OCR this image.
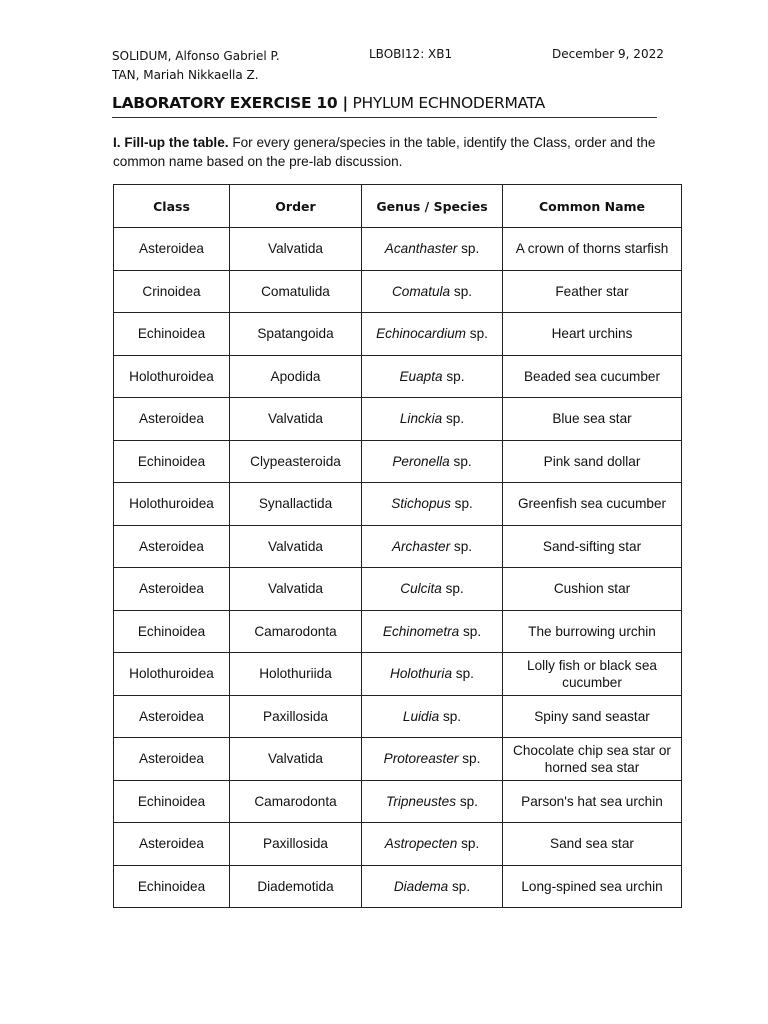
SOLIDUM, Alfonso Gabriel P.
TAN, Mariah Nikkaella Z.
LBOBI12: XB1	December 9, 2022
LABORATORY EXERCISE 10 | PHYLUM ECHNODERMATA
I. Fill-up the table. For every genera/species in the table, identify the Class, order and the common name based on the pre-lab discussion.
Class	Order	Genus / Species	Common Name
Asteroidea	Valvatida	Acanthaster sp.	A crown of thorns starfish
Crinoidea	Comatulida	Comatula sp.	Feather star
Echinoidea	Spatangoida	Echinocardium sp.	Heart urchins
Holothuroidea	Apodida	Euapta sp.	Beaded sea cucumber
Asteroidea	Valvatida	Linckia sp.	Blue sea star
Echinoidea	Clypeasteroida	Peronella sp.	Pink sand dollar
Holothuroidea	Synallactida	Stichopus sp.	Greenfish sea cucumber
Asteroidea	Valvatida	Archaster sp.	Sand-sifting star
Asteroidea	Valvatida	Culcita sp.	Cushion star
Echinoidea	Camarodonta	Echinometra sp.	The burrowing urchin
Holothuroidea	Holothuriida	Holothuria sp.	Lolly fish or black sea cucumber
Asteroidea	Paxillosida	Luidia sp.	Spiny sand seastar
Asteroidea	Valvatida	Protoreaster sp.	Chocolate chip sea star or horned sea star
Echinoidea	Camarodonta	Tripneustes sp.	Parson's hat sea urchin
Asteroidea	Paxillosida	Astropecten sp.	Sand sea star
Echinoidea	Diademotida	Diadema sp.	Long-spined sea urchin
